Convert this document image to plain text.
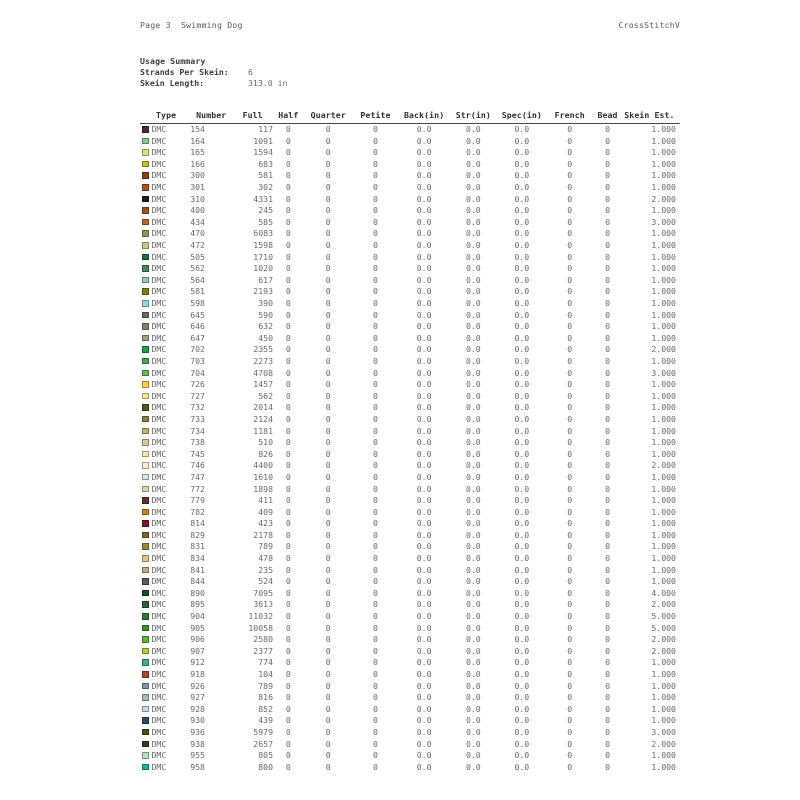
Page 3  Swimming Dog	CrossStitchV
Usage Summary
Strands Per Skein:	6
Skein Length:	313.0 in
Type	Number	Full	Half	Quarter	Petite	Back(in)	Str(in)	Spec(in)	French	Bead	Skein Est.
DMC	154	117	0	0	0	0.0	0.0	0.0	0	0	1.000
DMC	164	1091	0	0	0	0.0	0.0	0.0	0	0	1.000
DMC	165	1594	0	0	0	0.0	0.0	0.0	0	0	1.000
DMC	166	683	0	0	0	0.0	0.0	0.0	0	0	1.000
DMC	300	581	0	0	0	0.0	0.0	0.0	0	0	1.000
DMC	301	302	0	0	0	0.0	0.0	0.0	0	0	1.000
DMC	310	4331	0	0	0	0.0	0.0	0.0	0	0	2.000
DMC	400	245	0	0	0	0.0	0.0	0.0	0	0	1.000
DMC	434	585	0	0	0	0.0	0.0	0.0	0	0	3.000
DMC	470	6083	0	0	0	0.0	0.0	0.0	0	0	1.000
DMC	472	1598	0	0	0	0.0	0.0	0.0	0	0	1.000
DMC	505	1710	0	0	0	0.0	0.0	0.0	0	0	1.000
DMC	562	1020	0	0	0	0.0	0.0	0.0	0	0	1.000
DMC	564	617	0	0	0	0.0	0.0	0.0	0	0	1.000
DMC	581	2193	0	0	0	0.0	0.0	0.0	0	0	1.000
DMC	598	390	0	0	0	0.0	0.0	0.0	0	0	1.000
DMC	645	590	0	0	0	0.0	0.0	0.0	0	0	1.000
DMC	646	632	0	0	0	0.0	0.0	0.0	0	0	1.000
DMC	647	450	0	0	0	0.0	0.0	0.0	0	0	1.000
DMC	702	2355	0	0	0	0.0	0.0	0.0	0	0	2.000
DMC	703	2273	0	0	0	0.0	0.0	0.0	0	0	1.000
DMC	704	4708	0	0	0	0.0	0.0	0.0	0	0	3.000
DMC	726	1457	0	0	0	0.0	0.0	0.0	0	0	1.000
DMC	727	562	0	0	0	0.0	0.0	0.0	0	0	1.000
DMC	732	2014	0	0	0	0.0	0.0	0.0	0	0	1.000
DMC	733	2124	0	0	0	0.0	0.0	0.0	0	0	1.000
DMC	734	1181	0	0	0	0.0	0.0	0.0	0	0	1.000
DMC	738	510	0	0	0	0.0	0.0	0.0	0	0	1.000
DMC	745	826	0	0	0	0.0	0.0	0.0	0	0	1.000
DMC	746	4400	0	0	0	0.0	0.0	0.0	0	0	2.000
DMC	747	1610	0	0	0	0.0	0.0	0.0	0	0	1.000
DMC	772	1898	0	0	0	0.0	0.0	0.0	0	0	1.000
DMC	779	411	0	0	0	0.0	0.0	0.0	0	0	1.000
DMC	782	409	0	0	0	0.0	0.0	0.0	0	0	1.000
DMC	814	423	0	0	0	0.0	0.0	0.0	0	0	1.000
DMC	829	2178	0	0	0	0.0	0.0	0.0	0	0	1.000
DMC	831	789	0	0	0	0.0	0.0	0.0	0	0	1.000
DMC	834	478	0	0	0	0.0	0.0	0.0	0	0	1.000
DMC	841	235	0	0	0	0.0	0.0	0.0	0	0	1.000
DMC	844	524	0	0	0	0.0	0.0	0.0	0	0	1.000
DMC	890	7095	0	0	0	0.0	0.0	0.0	0	0	4.000
DMC	895	3613	0	0	0	0.0	0.0	0.0	0	0	2.000
DMC	904	11032	0	0	0	0.0	0.0	0.0	0	0	5.000
DMC	905	10058	0	0	0	0.0	0.0	0.0	0	0	5.000
DMC	906	2580	0	0	0	0.0	0.0	0.0	0	0	2.000
DMC	907	2377	0	0	0	0.0	0.0	0.0	0	0	2.000
DMC	912	774	0	0	0	0.0	0.0	0.0	0	0	1.000
DMC	918	104	0	0	0	0.0	0.0	0.0	0	0	1.000
DMC	926	789	0	0	0	0.0	0.0	0.0	0	0	1.000
DMC	927	816	0	0	0	0.0	0.0	0.0	0	0	1.000
DMC	928	852	0	0	0	0.0	0.0	0.0	0	0	1.000
DMC	930	439	0	0	0	0.0	0.0	0.0	0	0	1.000
DMC	936	5979	0	0	0	0.0	0.0	0.0	0	0	3.000
DMC	938	2657	0	0	0	0.0	0.0	0.0	0	0	2.000
DMC	955	805	0	0	0	0.0	0.0	0.0	0	0	1.000
DMC	958	800	0	0	0	0.0	0.0	0.0	0	0	1.000
